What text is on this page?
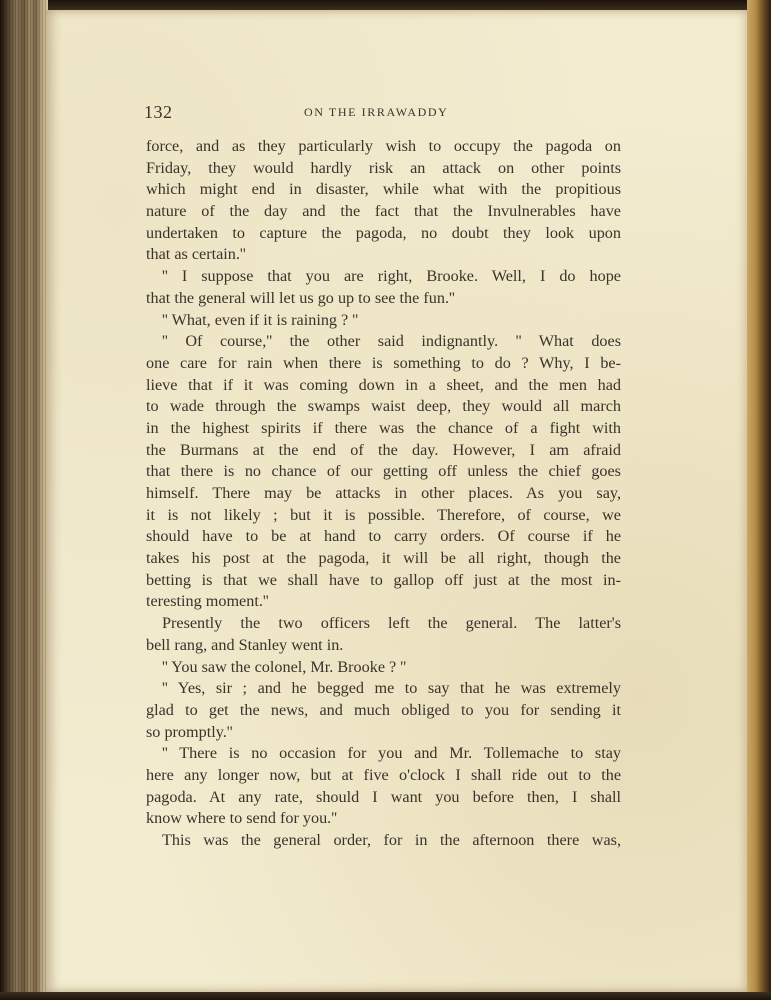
132	ON THE IRRAWADDY
force, and as they particularly wish to occupy the pagoda on
Friday, they would hardly risk an attack on other points
which might end in disaster, while what with the propitious
nature of the day and the fact that the Invulnerables have
undertaken to capture the pagoda, no doubt they look upon
that as certain.''
'' I suppose that you are right, Brooke. Well, I do hope
that the general will let us go up to see the fun.''
'' What, even if it is raining ? ''
'' Of course,'' the other said indignantly. '' What does
one care for rain when there is something to do ? Why, I be-
lieve that if it was coming down in a sheet, and the men had
to wade through the swamps waist deep, they would all march
in the highest spirits if there was the chance of a fight with
the Burmans at the end of the day. However, I am afraid
that there is no chance of our getting off unless the chief goes
himself. There may be attacks in other places. As you say,
it is not likely ; but it is possible. Therefore, of course, we
should have to be at hand to carry orders. Of course if he
takes his post at the pagoda, it will be all right, though the
betting is that we shall have to gallop off just at the most in-
teresting moment.''
Presently the two officers left the general. The latter's
bell rang, and Stanley went in.
'' You saw the colonel, Mr. Brooke ? ''
'' Yes, sir ; and he begged me to say that he was extremely
glad to get the news, and much obliged to you for sending it
so promptly.''
'' There is no occasion for you and Mr. Tollemache to stay
here any longer now, but at five o'clock I shall ride out to the
pagoda. At any rate, should I want you before then, I shall
know where to send for you.''
This was the general order, for in the afternoon there was,
